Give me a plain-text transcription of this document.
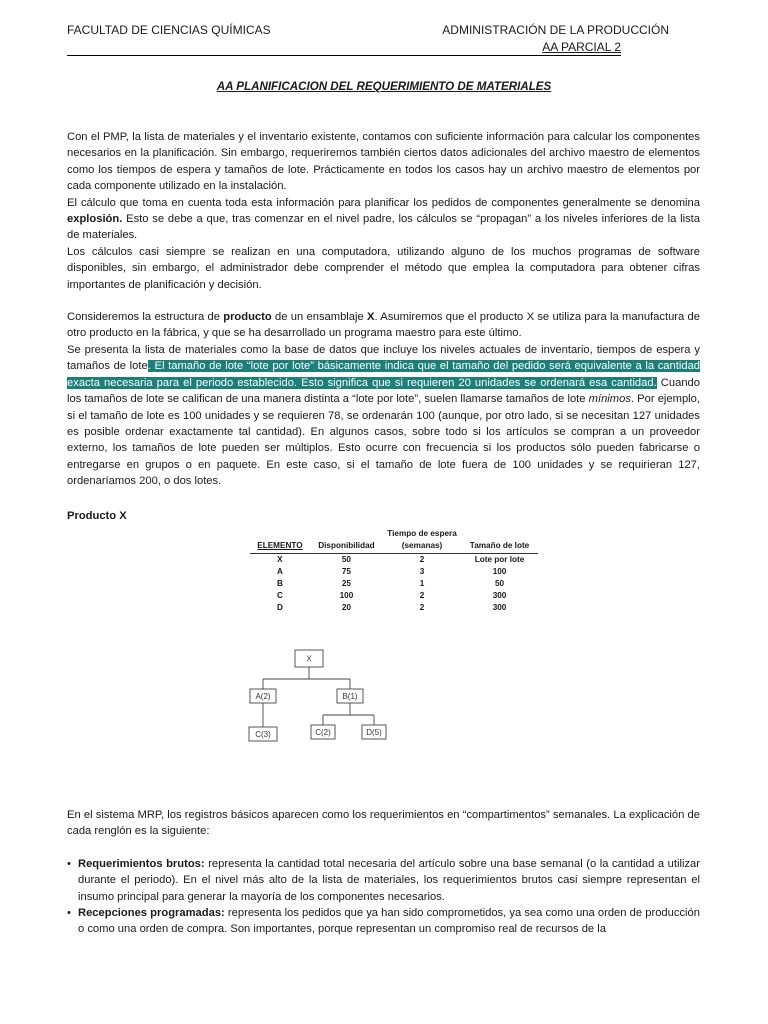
FACULTAD DE CIENCIAS QUÍMICAS	ADMINISTRACIÓN DE LA PRODUCCIÓN
AA PARCIAL 2
AA PLANIFICACION DEL REQUERIMIENTO DE MATERIALES

Con el PMP, la lista de materiales y el inventario existente, contamos con suficiente información para calcular los componentes necesarios en la planificación. Sin embargo, requeriremos también ciertos datos adicionales del archivo maestro de elementos como los tiempos de espera y tamaños de lote. Prácticamente en todos los casos hay un archivo maestro de elementos por cada componente utilizado en la instalación.

El cálculo que toma en cuenta toda esta información para planificar los pedidos de componentes generalmente se denomina explosión. Esto se debe a que, tras comenzar en el nivel padre, los cálculos se “propagan” a los niveles inferiores de la lista de materiales.

Los cálculos casi siempre se realizan en una computadora, utilizando alguno de los muchos programas de software disponibles, sin embargo, el administrador debe comprender el método que emplea la computadora para obtener cifras importantes de planificación y decisión.

Consideremos la estructura de producto de un ensamblaje X. Asumiremos que el producto X se utiliza para la manufactura de otro producto en la fábrica, y que se ha desarrollado un programa maestro para este último.

Se presenta la lista de materiales como la base de datos que incluye los niveles actuales de inventario, tiempos de espera y tamaños de lote. El tamaño de lote “lote por lote” básicamente indica que el tamaño del pedido será equivalente a la cantidad exacta necesaria para el periodo establecido. Esto significa que si requieren 20 unidades se ordenará esa cantidad. Cuando los tamaños de lote se califican de una manera distinta a “lote por lote”, suelen llamarse tamaños de lote mínimos. Por ejemplo, si el tamaño de lote es 100 unidades y se requieren 78, se ordenarán 100 (aunque, por otro lado, si se necesitan 127 unidades es posible ordenar exactamente tal cantidad). En algunos casos, sobre todo si los artículos se compran a un proveedor externo, los tamaños de lote pueden ser múltiplos. Esto ocurre con frecuencia si los productos sólo pueden fabricarse o entregarse en grupos o en paquete. En este caso, si el tamaño de lote fuera de 100 unidades y se requirieran 127, ordenaríamos 200, o dos lotes.

Producto X
ELEMENTO	Disponibilidad	Tiempo de espera (semanas)	Tamaño de lote
X	50	2	Lote por lote
A	75	3	100
B	25	1	50
C	100	2	300
D	20	2	300
X
A(2)	B(1)
C(3)	C(2)	D(5)

En el sistema MRP, los registros básicos aparecen como los requerimientos en “compartimentos” semanales. La explicación de cada renglón es la siguiente:

• Requerimientos brutos: representa la cantidad total necesaria del artículo sobre una base semanal (o la cantidad a utilizar durante el periodo). En el nivel más alto de la lista de materiales, los requerimientos brutos casi siempre representan el insumo principal para generar la mayoría de los componentes necesarios.
• Recepciones programadas: representa los pedidos que ya han sido comprometidos, ya sea como una orden de producción o como una orden de compra. Son importantes, porque representan un compromiso real de recursos de la
